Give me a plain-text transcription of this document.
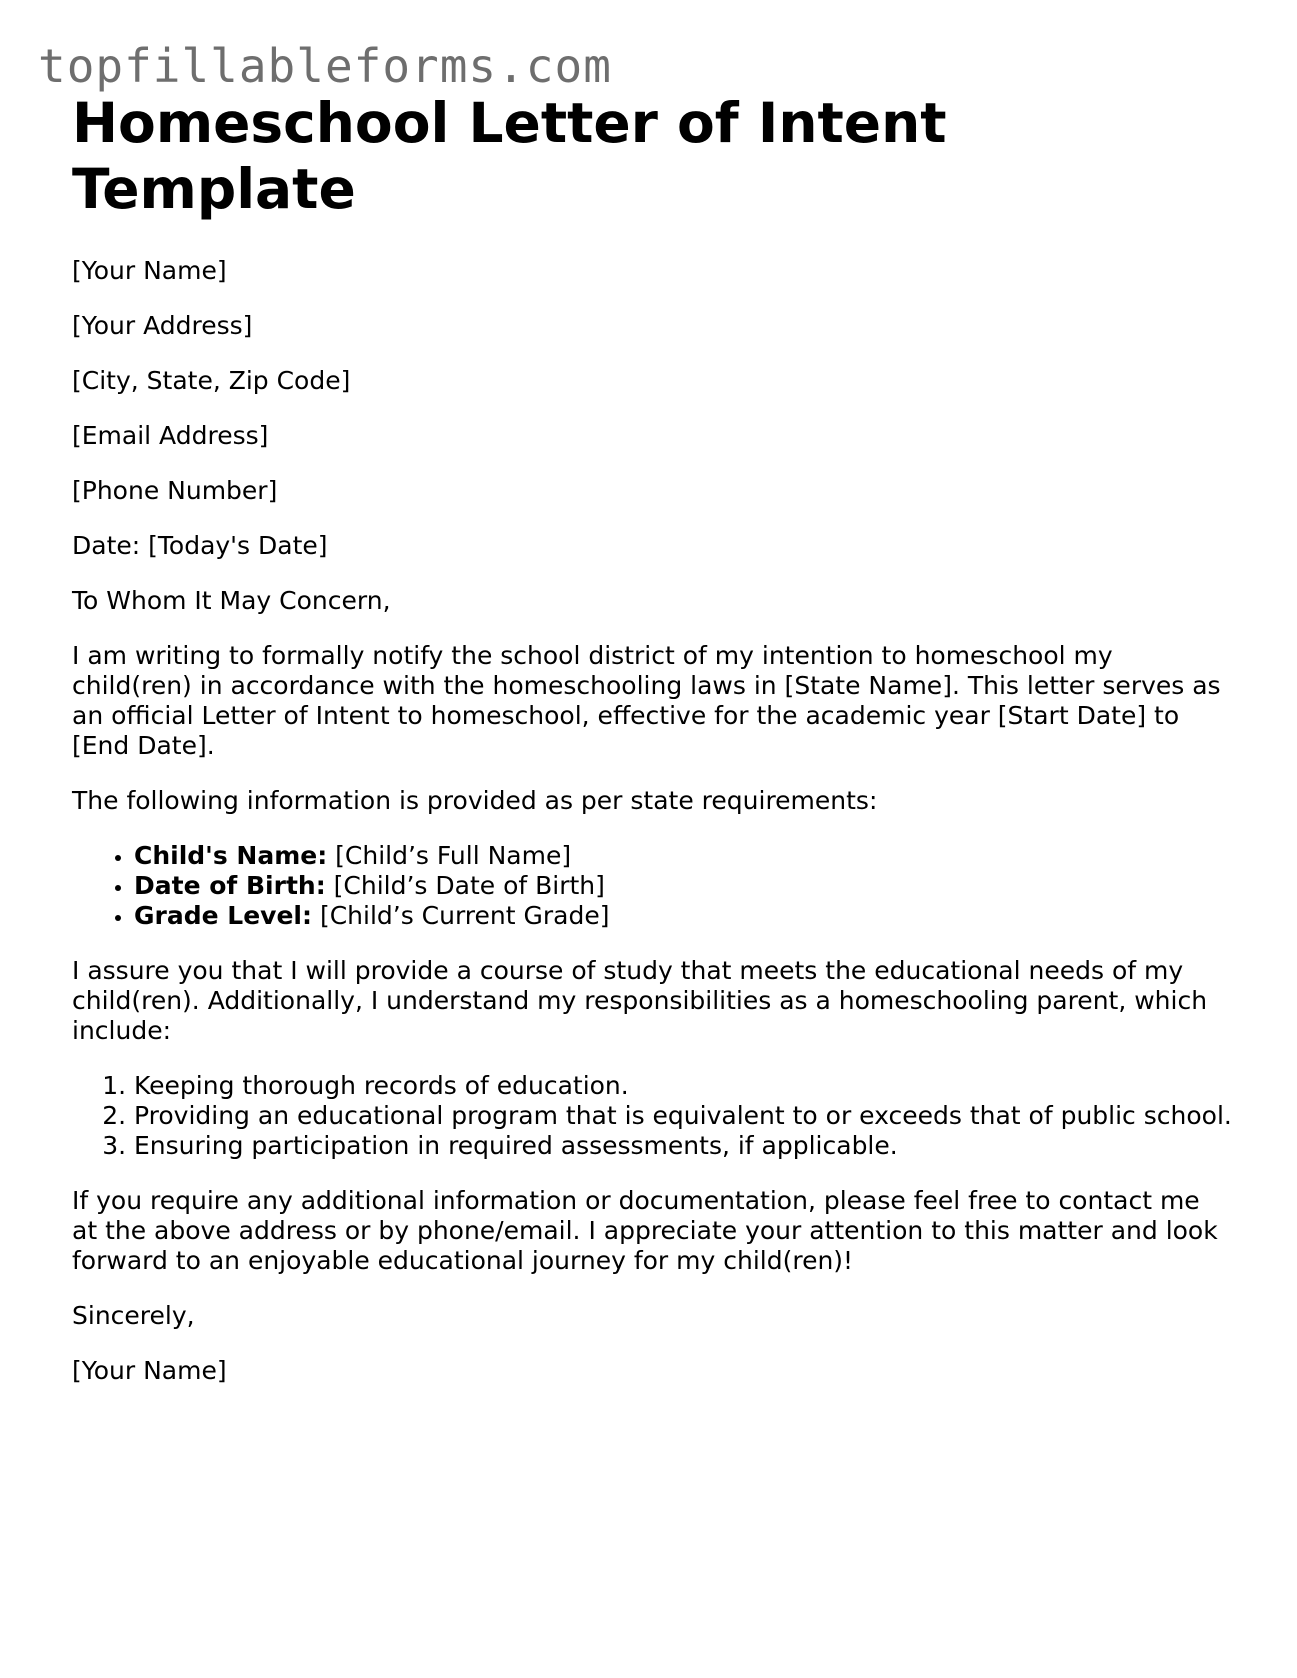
topfillableforms.com
Homeschool Letter of Intent Template

[Your Name]

[Your Address]

[City, State, Zip Code]

[Email Address]

[Phone Number]

Date: [Today's Date]

To Whom It May Concern,

I am writing to formally notify the school district of my intention to homeschool my child(ren) in accordance with the homeschooling laws in [State Name]. This letter serves as an official Letter of Intent to homeschool, effective for the academic year [Start Date] to [End Date].

The following information is provided as per state requirements:

• Child's Name: [Child’s Full Name]
• Date of Birth: [Child’s Date of Birth]
• Grade Level: [Child’s Current Grade]

I assure you that I will provide a course of study that meets the educational needs of my child(ren). Additionally, I understand my responsibilities as a homeschooling parent, which include:

1. Keeping thorough records of education.
2. Providing an educational program that is equivalent to or exceeds that of public school.
3. Ensuring participation in required assessments, if applicable.

If you require any additional information or documentation, please feel free to contact me at the above address or by phone/email. I appreciate your attention to this matter and look forward to an enjoyable educational journey for my child(ren)!

Sincerely,

[Your Name]
